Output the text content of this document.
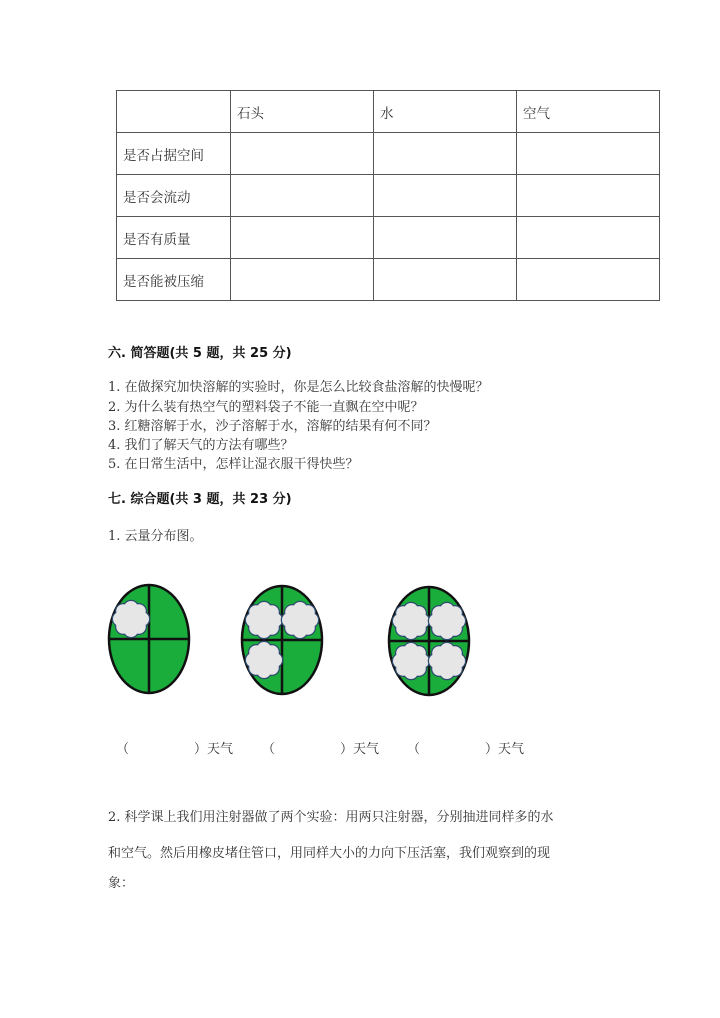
	石头	水	空气
是否占据空间			
是否会流动			
是否有质量			
是否能被压缩			
六. 简答题(共 5 题，共 25 分)
1. 在做探究加快溶解的实验时，你是怎么比较食盐溶解的快慢呢？
2. 为什么装有热空气的塑料袋子不能一直飘在空中呢？
3. 红糖溶解于水，沙子溶解于水，溶解的结果有何不同？
4. 我们了解天气的方法有哪些？
5. 在日常生活中，怎样让湿衣服干得快些？
七. 综合题(共 3 题，共 23 分)
1. 云量分布图。
（　　　　　）天气 （　　　　　）天气 （　　　　　）天气
2. 科学课上我们用注射器做了两个实验：用两只注射器，分别抽进同样多的水
和空气。然后用橡皮堵住管口，用同样大小的力向下压活塞，我们观察到的现
象：
